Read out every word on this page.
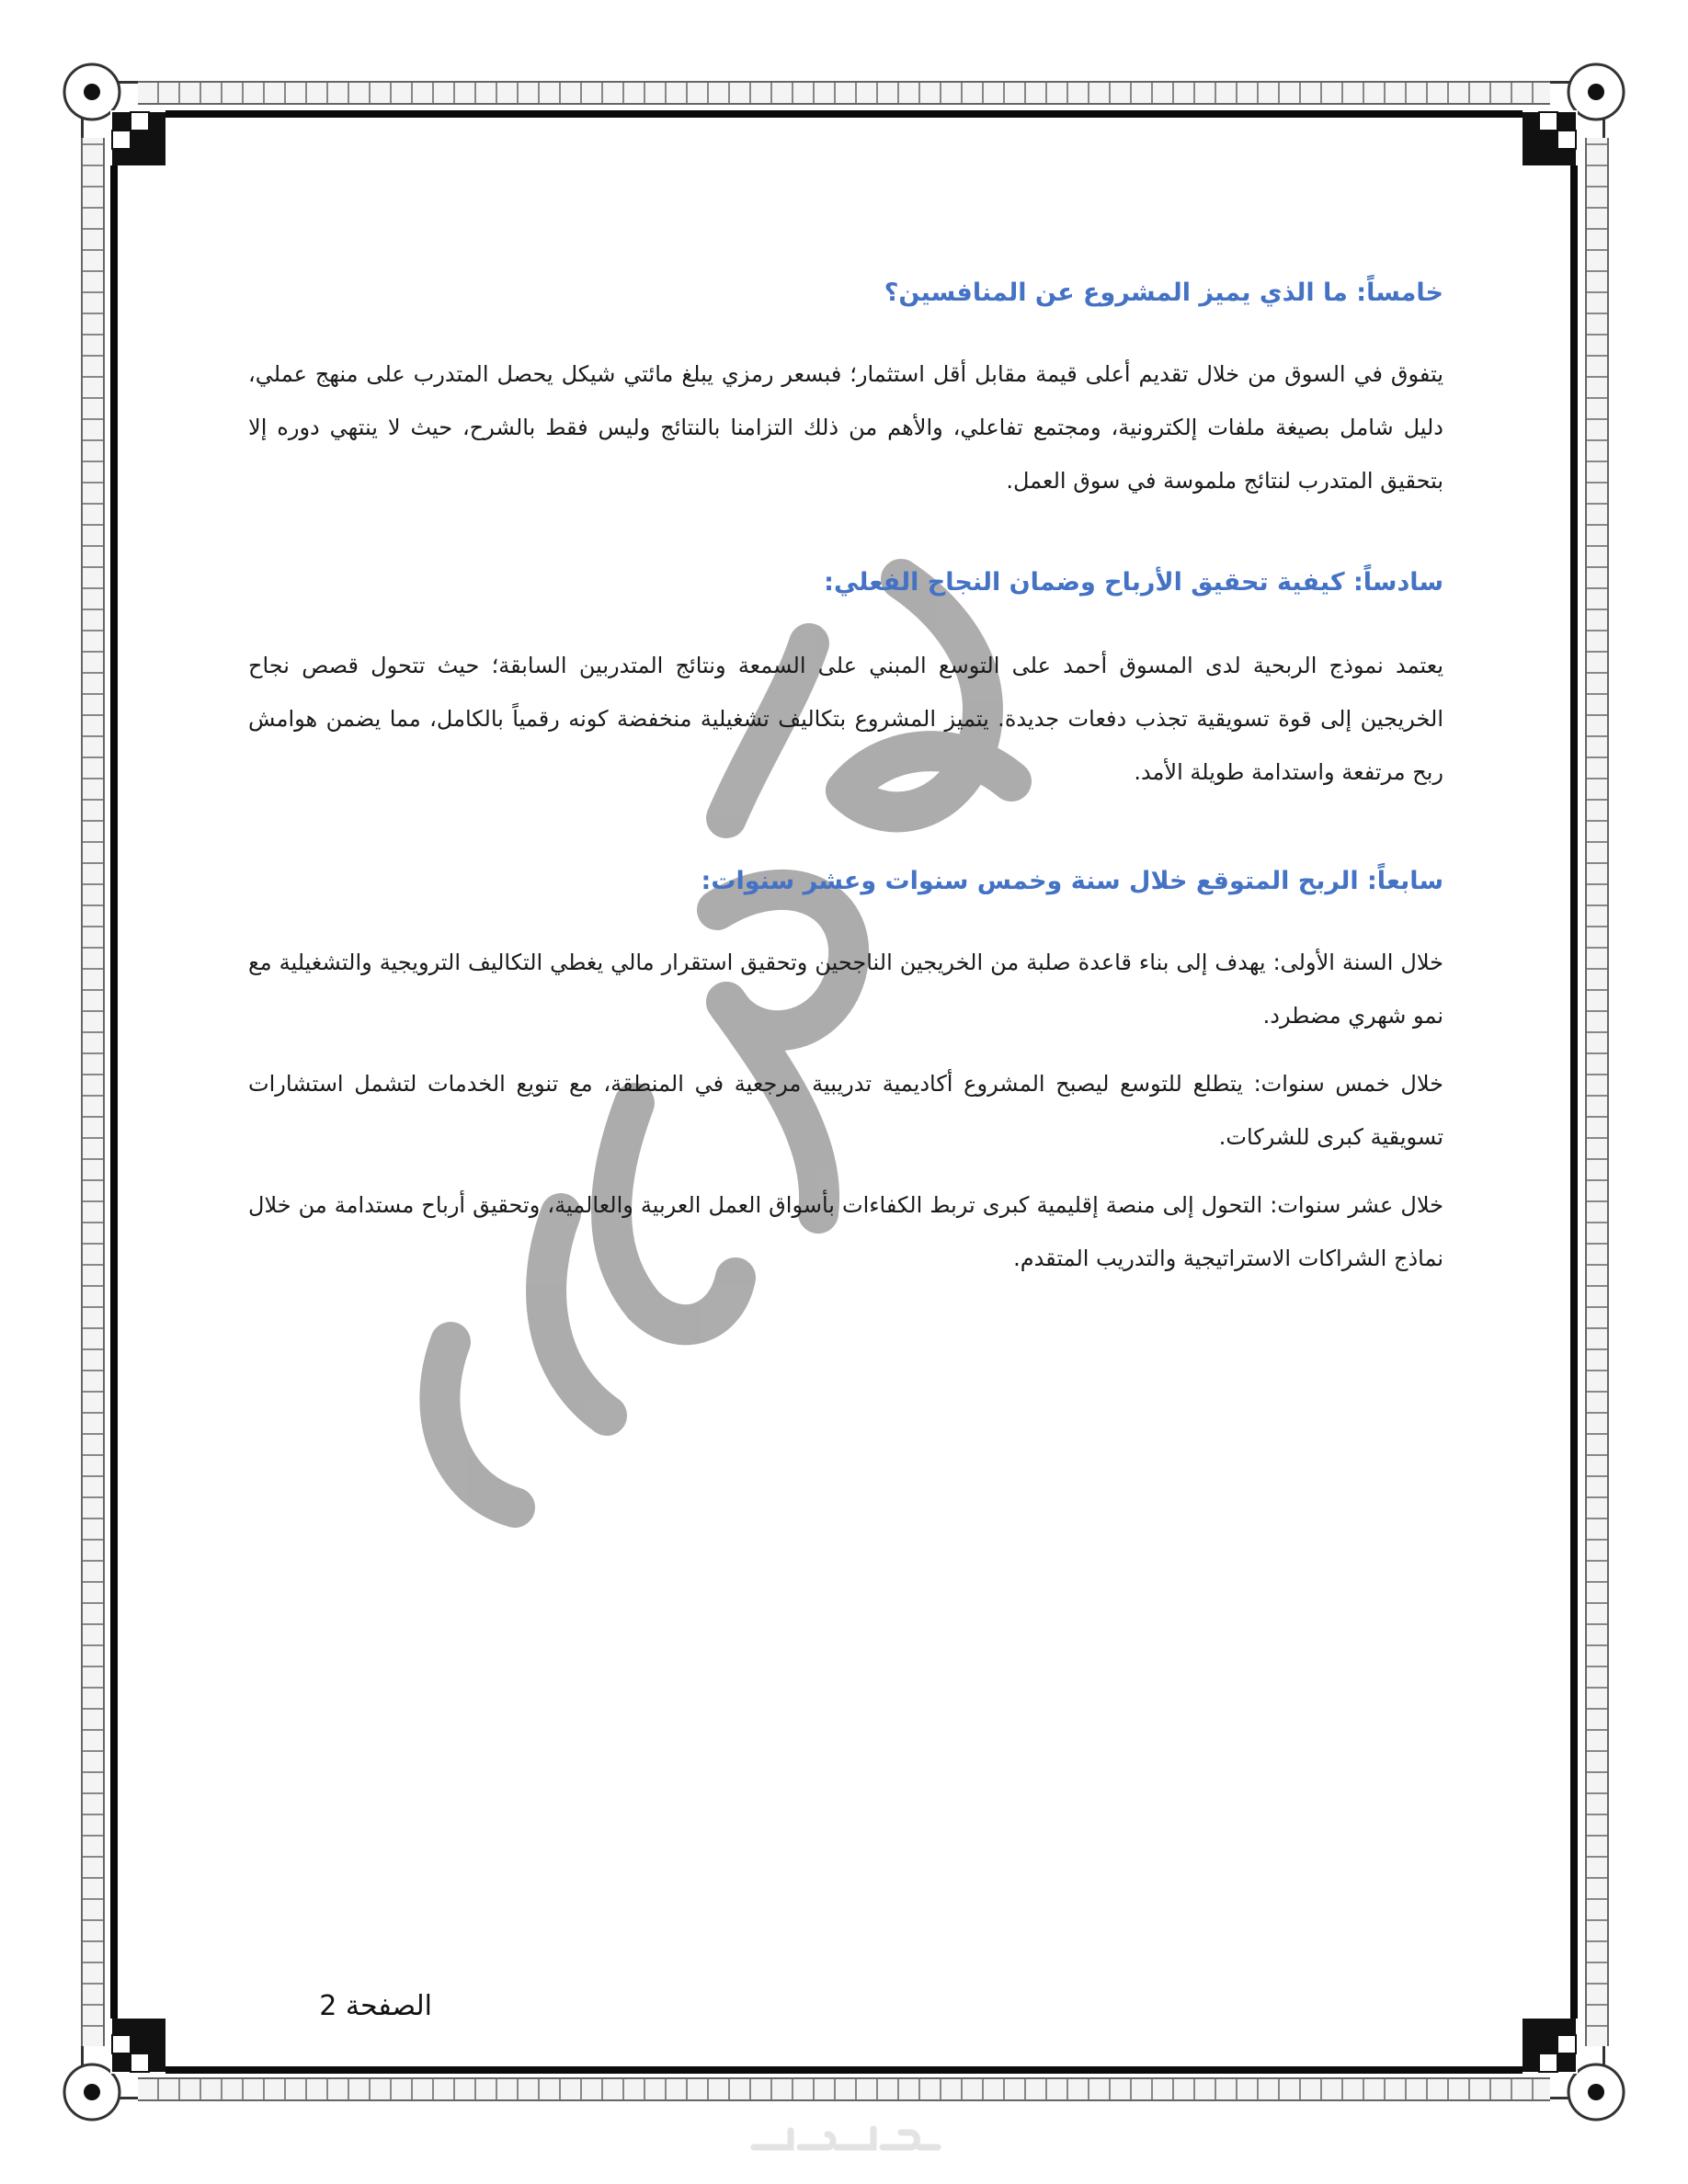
خامساً: ما الذي يميز المشروع عن المنافسين؟

يتفوق في السوق من خلال تقديم أعلى قيمة مقابل أقل استثمار؛ فبسعر رمزي يبلغ مائتي شيكل يحصل المتدرب على منهج عملي، دليل شامل بصيغة ملفات إلكترونية، ومجتمع تفاعلي، والأهم من ذلك التزامنا بالنتائج وليس فقط بالشرح، حيث لا ينتهي دوره إلا بتحقيق المتدرب لنتائج ملموسة في سوق العمل.

سادساً: كيفية تحقيق الأرباح وضمان النجاح الفعلي:

يعتمد نموذج الربحية لدى المسوق أحمد على التوسع المبني على السمعة ونتائج المتدربين السابقة؛ حيث تتحول قصص نجاح الخريجين إلى قوة تسويقية تجذب دفعات جديدة. يتميز المشروع بتكاليف تشغيلية منخفضة كونه رقمياً بالكامل، مما يضمن هوامش ربح مرتفعة واستدامة طويلة الأمد.

سابعاً: الربح المتوقع خلال سنة وخمس سنوات وعشر سنوات:

خلال السنة الأولى: يهدف إلى بناء قاعدة صلبة من الخريجين الناجحين وتحقيق استقرار مالي يغطي التكاليف الترويجية والتشغيلية مع نمو شهري مضطرد.

خلال خمس سنوات: يتطلع للتوسع ليصبح المشروع أكاديمية تدريبية مرجعية في المنطقة، مع تنويع الخدمات لتشمل استشارات تسويقية كبرى للشركات.

خلال عشر سنوات: التحول إلى منصة إقليمية كبرى تربط الكفاءات بأسواق العمل العربية والعالمية، وتحقيق أرباح مستدامة من خلال نماذج الشراكات الاستراتيجية والتدريب المتقدم.

الصفحة 2
